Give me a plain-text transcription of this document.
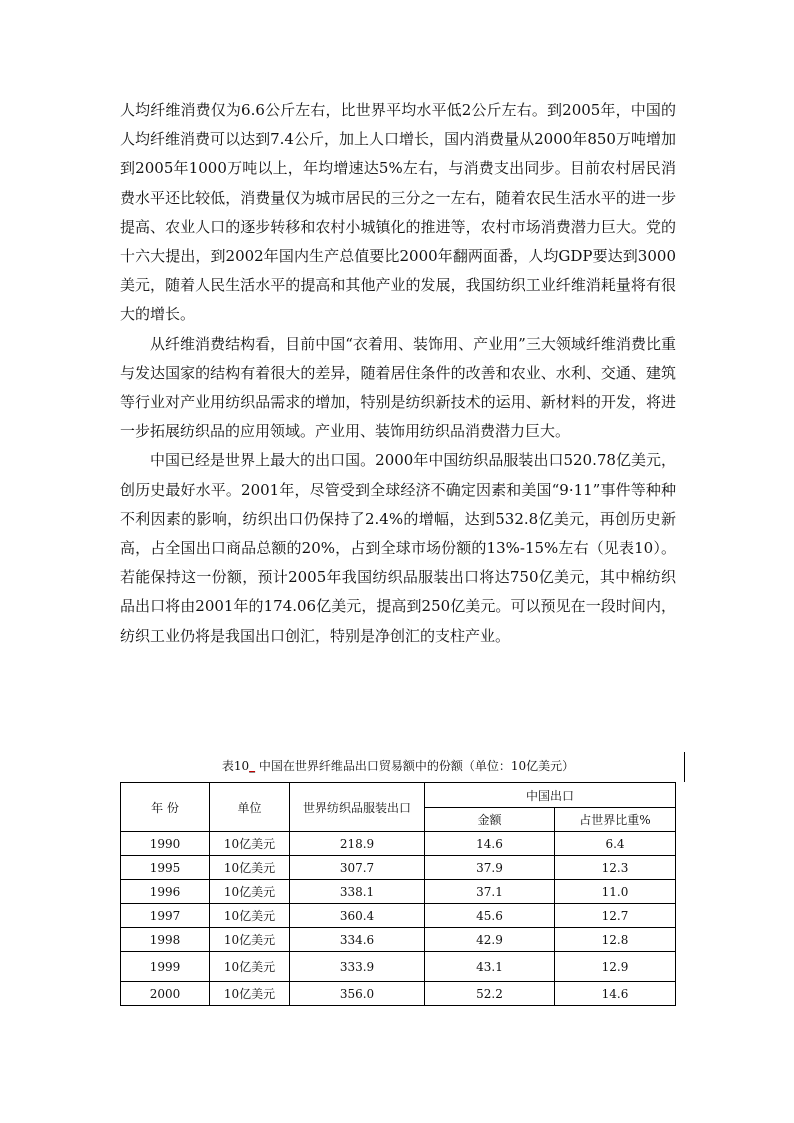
人均纤维消费仅为6.6公斤左右，比世界平均水平低2公斤左右。到2005年，中国的人均纤维消费可以达到7.4公斤，加上人口增长，国内消费量从2000年850万吨增加到2005年1000万吨以上，年均增速达5%左右，与消费支出同步。目前农村居民消费水平还比较低，消费量仅为城市居民的三分之一左右，随着农民生活水平的进一步提高、农业人口的逐步转移和农村小城镇化的推进等，农村市场消费潜力巨大。党的十六大提出，到2002年国内生产总值要比2000年翻两面番，人均GDP要达到3000美元，随着人民生活水平的提高和其他产业的发展，我国纺织工业纤维消耗量将有很大的增长。

从纤维消费结构看，目前中国“衣着用、装饰用、产业用”三大领域纤维消费比重与发达国家的结构有着很大的差异，随着居住条件的改善和农业、水利、交通、建筑等行业对产业用纺织品需求的增加，特别是纺织新技术的运用、新材料的开发，将进一步拓展纺织品的应用领域。产业用、装饰用纺织品消费潜力巨大。

中国已经是世界上最大的出口国。2000年中国纺织品服装出口520.78亿美元，创历史最好水平。2001年，尽管受到全球经济不确定因素和美国“9·11”事件等种种不利因素的影响，纺织出口仍保持了2.4%的增幅，达到532.8亿美元，再创历史新高，占全国出口商品总额的20%，占到全球市场份额的13%-15%左右（见表10）。若能保持这一份额，预计2005年我国纺织品服装出口将达750亿美元，其中棉纺织品出口将由2001年的174.06亿美元，提高到250亿美元。可以预见在一段时间内，纺织工业仍将是我国出口创汇，特别是净创汇的支柱产业。

表10_ 中国在世界纤维品出口贸易额中的份额（单位：10亿美元）
年 份	单位	世界纺织品服装出口	中国出口	
			金额	占世界比重%
1990	10亿美元	218.9	14.6	6.4
1995	10亿美元	307.7	37.9	12.3
1996	10亿美元	338.1	37.1	11.0
1997	10亿美元	360.4	45.6	12.7
1998	10亿美元	334.6	42.9	12.8
1999	10亿美元	333.9	43.1	12.9
2000	10亿美元	356.0	52.2	14.6
